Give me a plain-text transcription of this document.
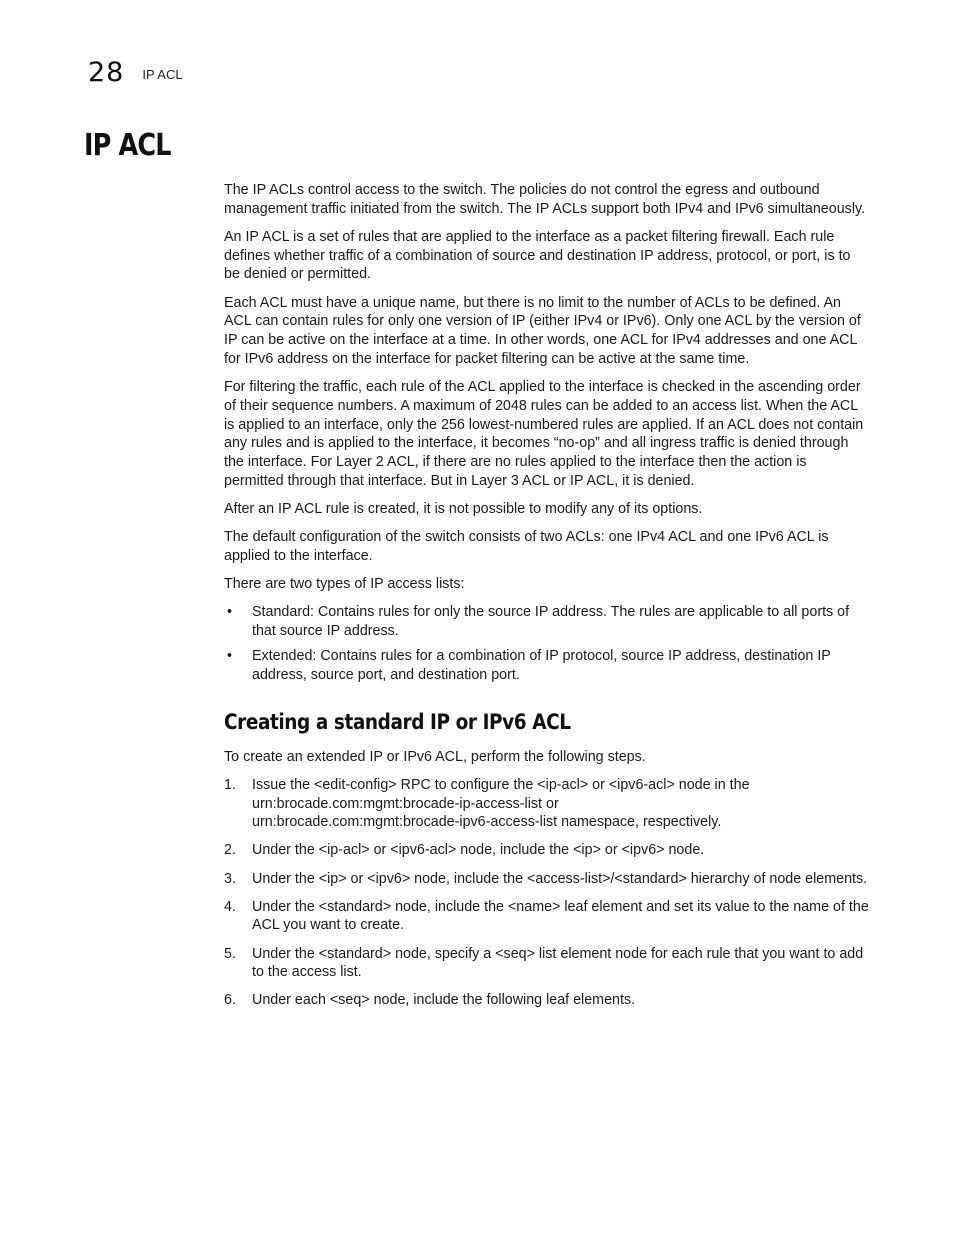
28 IP ACL
IP ACL

The IP ACLs control access to the switch. The policies do not control the egress and outbound management traffic initiated from the switch. The IP ACLs support both IPv4 and IPv6 simultaneously.

An IP ACL is a set of rules that are applied to the interface as a packet filtering firewall. Each rule defines whether traffic of a combination of source and destination IP address, protocol, or port, is to be denied or permitted.

Each ACL must have a unique name, but there is no limit to the number of ACLs to be defined. An ACL can contain rules for only one version of IP (either IPv4 or IPv6). Only one ACL by the version of IP can be active on the interface at a time. In other words, one ACL for IPv4 addresses and one ACL for IPv6 address on the interface for packet filtering can be active at the same time.

For filtering the traffic, each rule of the ACL applied to the interface is checked in the ascending order of their sequence numbers. A maximum of 2048 rules can be added to an access list. When the ACL is applied to an interface, only the 256 lowest-numbered rules are applied. If an ACL does not contain any rules and is applied to the interface, it becomes “no-op” and all ingress traffic is denied through the interface. For Layer 2 ACL, if there are no rules applied to the interface then the action is permitted through that interface. But in Layer 3 ACL or IP ACL, it is denied.

After an IP ACL rule is created, it is not possible to modify any of its options.

The default configuration of the switch consists of two ACLs: one IPv4 ACL and one IPv6 ACL is applied to the interface.

There are two types of IP access lists:

• Standard: Contains rules for only the source IP address. The rules are applicable to all ports of that source IP address.
• Extended: Contains rules for a combination of IP protocol, source IP address, destination IP address, source port, and destination port.
Creating a standard IP or IPv6 ACL

To create an extended IP or IPv6 ACL, perform the following steps.

1. Issue the <edit-config> RPC to configure the <ip-acl> or <ipv6-acl> node in the
urn:brocade.com:mgmt:brocade-ip-access-list or
urn:brocade.com:mgmt:brocade-ipv6-access-list namespace, respectively.
2. Under the <ip-acl> or <ipv6-acl> node, include the <ip> or <ipv6> node.
3. Under the <ip> or <ipv6> node, include the <access-list>/<standard> hierarchy of node elements.
4. Under the <standard> node, include the <name> leaf element and set its value to the name of the ACL you want to create.
5. Under the <standard> node, specify a <seq> list element node for each rule that you want to add to the access list.
6. Under each <seq> node, include the following leaf elements.
